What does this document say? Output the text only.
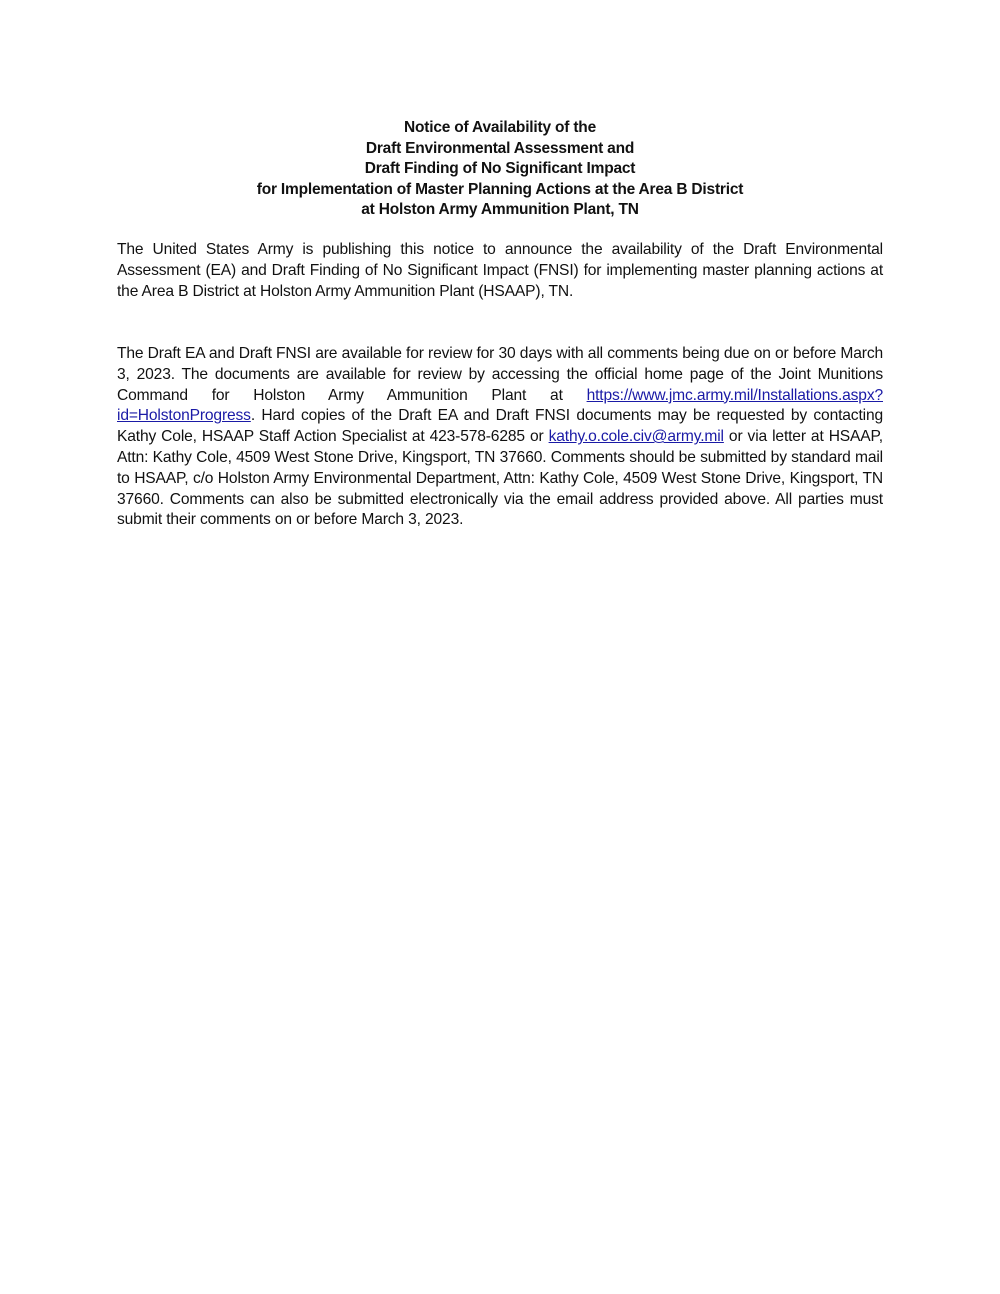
Notice of Availability of the
Draft Environmental Assessment and
Draft Finding of No Significant Impact
for Implementation of Master Planning Actions at the Area B District
at Holston Army Ammunition Plant, TN

The United States Army is publishing this notice to announce the availability of the Draft Environmental Assessment (EA) and Draft Finding of No Significant Impact (FNSI) for implementing master planning actions at the Area B District at Holston Army Ammunition Plant (HSAAP), TN.

The Draft EA and Draft FNSI are available for review for 30 days with all comments being due on or before March 3, 2023. The documents are available for review by accessing the official home page of the Joint Munitions Command for Holston Army Ammunition Plant at https://www.jmc.army.mil/Installations.aspx?id=HolstonProgress. Hard copies of the Draft EA and Draft FNSI documents may be requested by contacting Kathy Cole, HSAAP Staff Action Specialist at 423-578-6285 or kathy.o.cole.civ@army.mil or via letter at HSAAP, Attn: Kathy Cole, 4509 West Stone Drive, Kingsport, TN 37660. Comments should be submitted by standard mail to HSAAP, c/o Holston Army Environmental Department, Attn: Kathy Cole, 4509 West Stone Drive, Kingsport, TN 37660. Comments can also be submitted electronically via the email address provided above. All parties must submit their comments on or before March 3, 2023.
